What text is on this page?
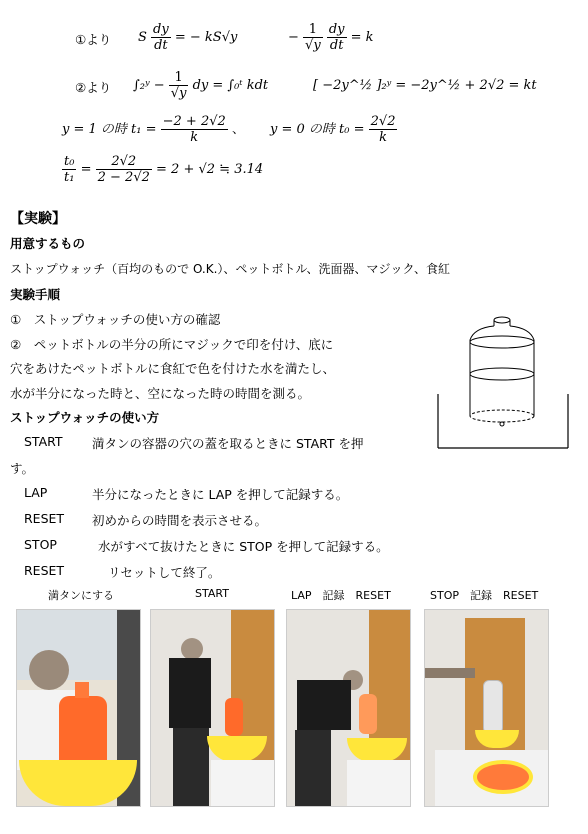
①より S $\frac{dy}{dt}$ = − kS√y	− $\frac{1}{√y}$
$\frac{dy}{dt} = k$
②より ∫₂ʸ − $\frac{1}{√y}$ dy = ∫₀ᵗ kdt	[ −2y^½ ]₂ʸ = −2y^½ + 2√2 = kt
y = 1 の時 $t_1 = \frac{-2 + 2√2}{k}$ 、 y = 0 の時 $t_0 = \frac{2√2}{k}$
$\frac{\text{t₀}}{\text{t₁}} = \frac{2√2}{2 - 2√2} = 2 + √2$ ≒ 3.14
【実験】
用意するもの
ストップウォッチ（百均のもので O.K.）、ペットボトル、洗面器、マジック、食紅
実験手順
①　ストップウォッチの使い方の確認
②　ペットボトルの半分の所にマジックで印を付け、底に
穴をあけたペットボトルに食紅で色を付けた水を満たし、
水が半分になった時と、空になった時の時間を測る。
ストップウォッチの使い方
START 満タンの容器の穴の蓋を取るときに START を押
す。
LAP	半分になったときに LAP を押して記録する。
RESET 初めからの時間を表示させる。
STOP	水がすべて抜けたときに STOP を押して記録する。
RESET	リセットして終了。
満タンにする	START	LAP　記録　RESET	STOP　記録　RESET
